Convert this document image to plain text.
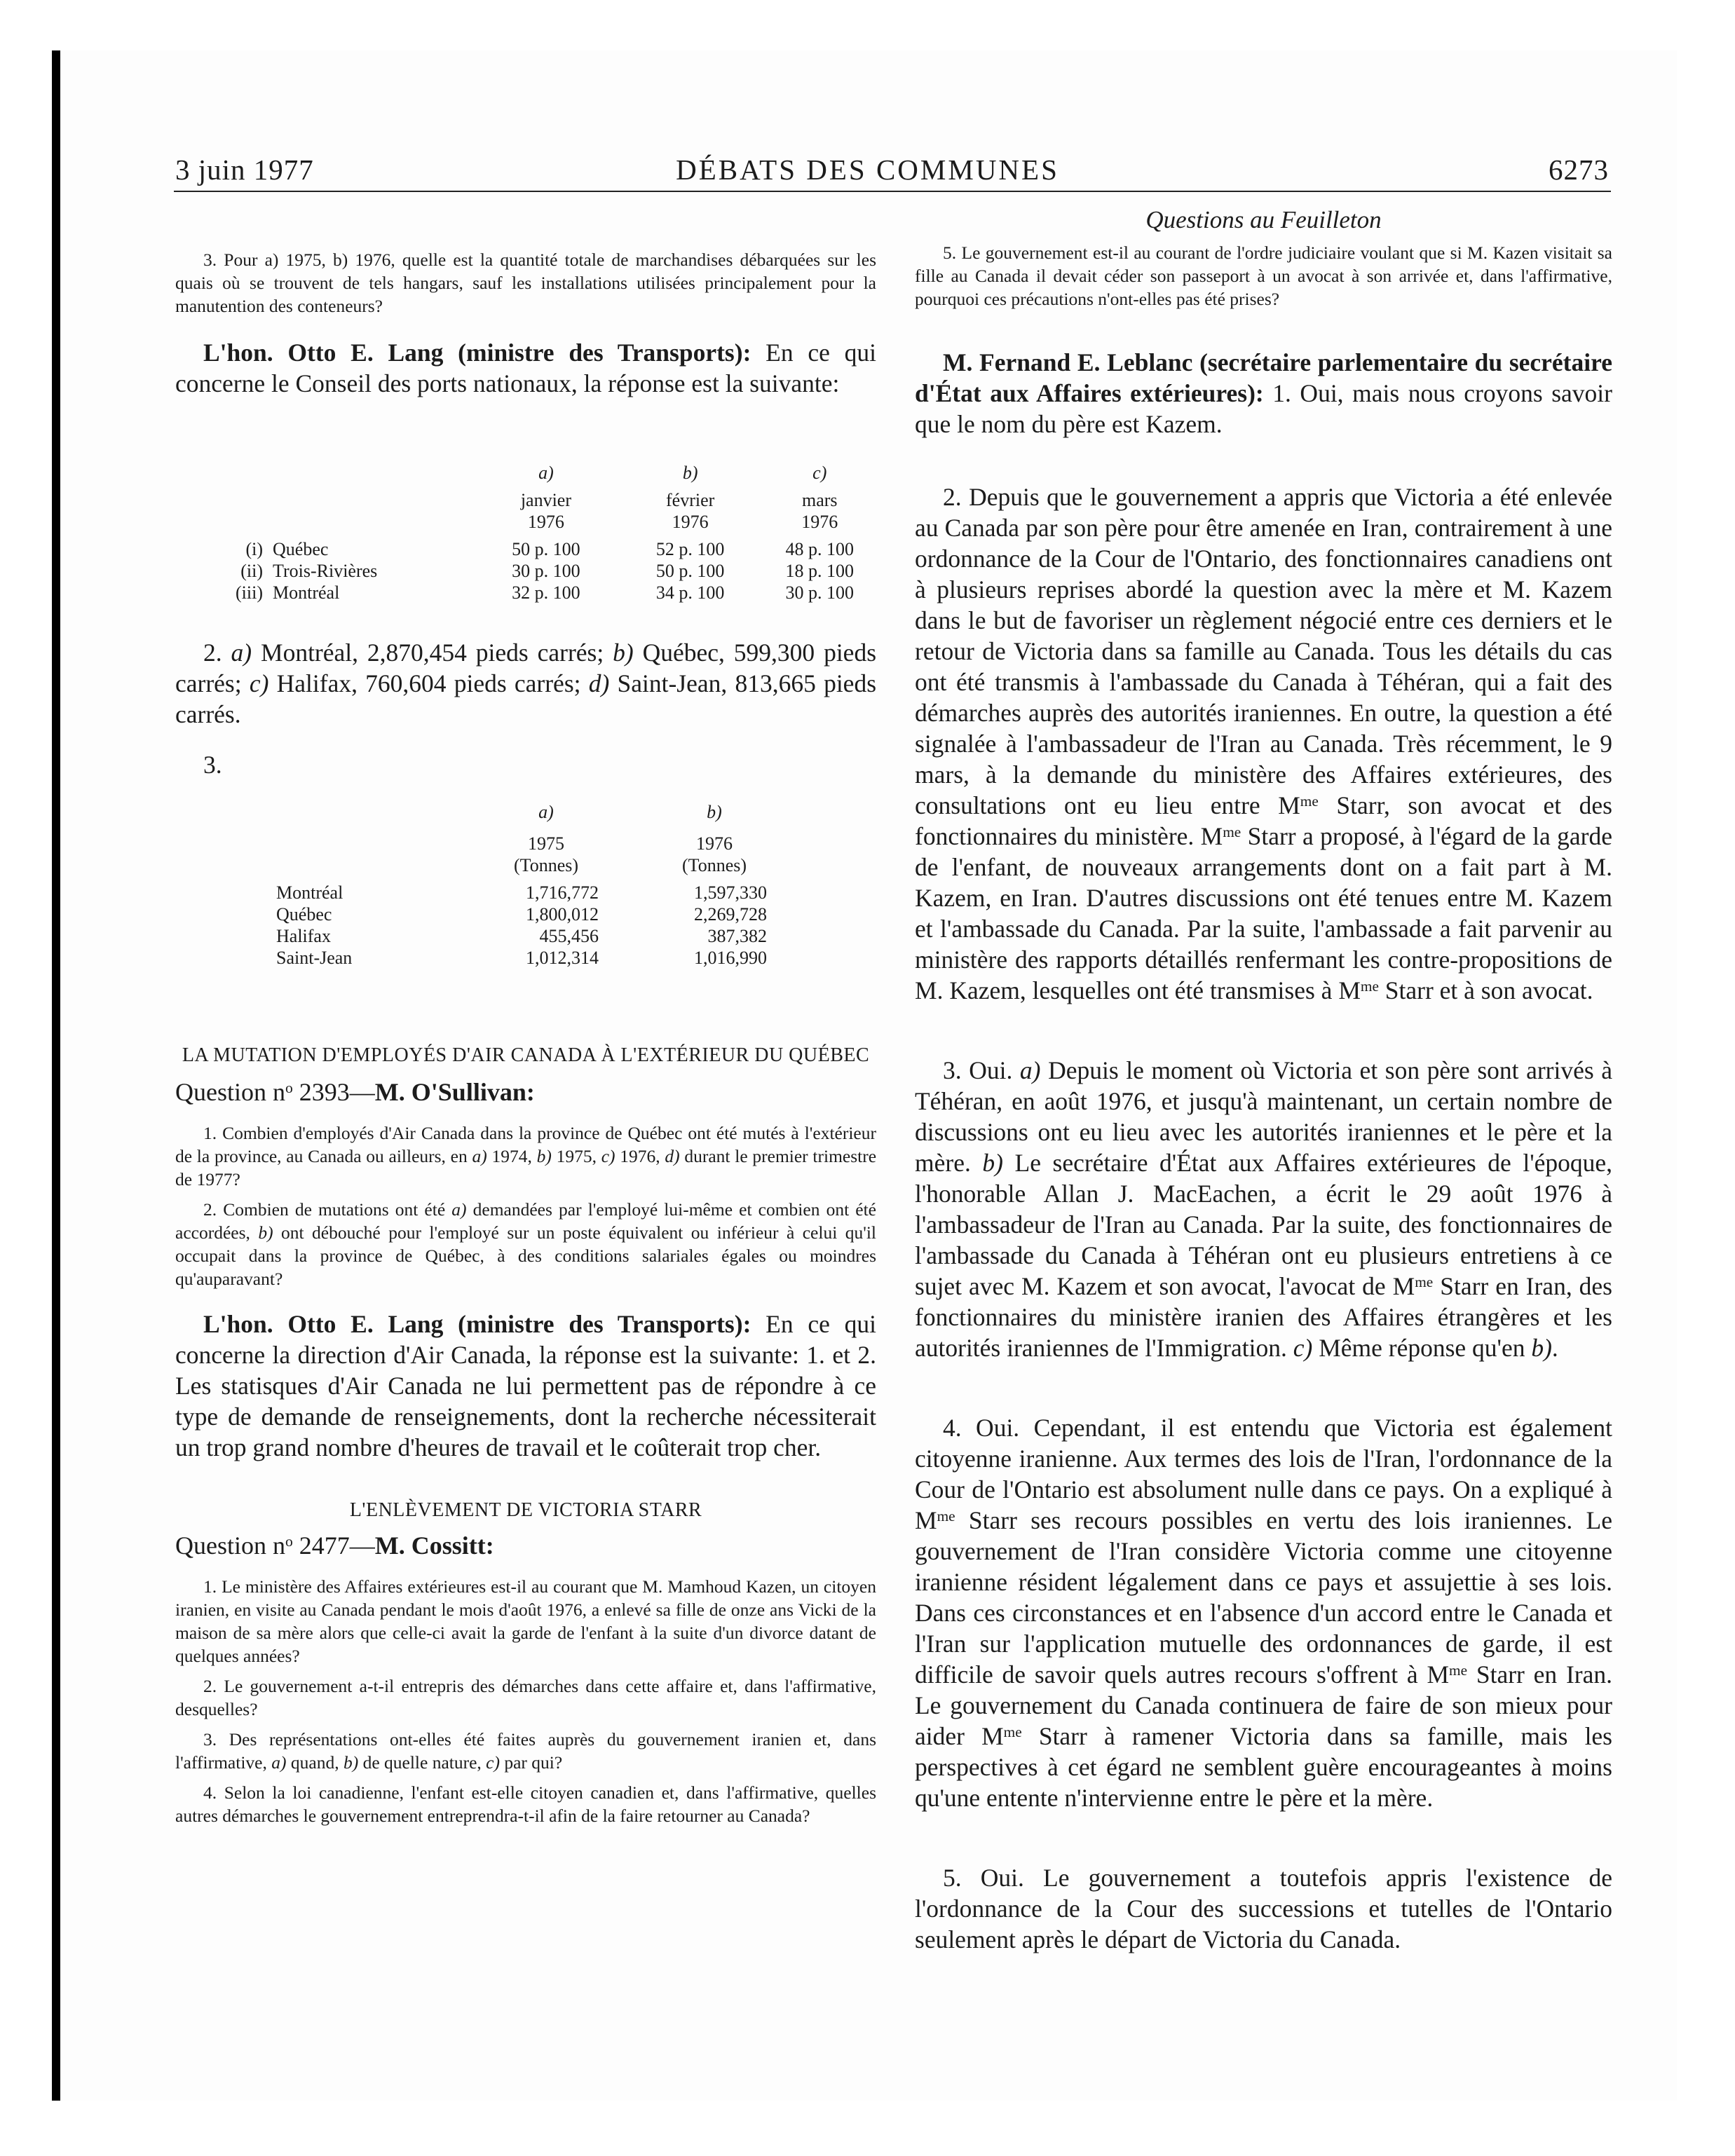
DÉBATS DES COMMUNES
3 juin 1977	6273

3. Pour a) 1975, b) 1976, quelle est la quantité totale de marchandises débarquées sur les quais où se trouvent de tels hangars, sauf les installations utilisées principalement pour la manutention des conteneurs?

L'hon. Otto E. Lang (ministre des Transports): En ce qui concerne le Conseil des ports nationaux, la réponse est la suivante:

		a)	b)	c)

		janvier	février	mars
		1976	1976	1976

(i)	Québec	50 p. 100	52 p. 100	48 p. 100
(ii)	Trois-Rivières	30 p. 100	50 p. 100	18 p. 100
(iii)	Montréal	32 p. 100	34 p. 100	30 p. 100

2. a) Montréal, 2,870,454 pieds carrés; b) Québec, 599,300 pieds carrés; c) Halifax, 760,604 pieds carrés; d) Saint-Jean, 813,665 pieds carrés.

3.

	a)		b)

	1975		1976
	(Tonnes)		(Tonnes)

Montréal	1,716,772		1,597,330
Québec	1,800,012		2,269,728
Halifax	455,456		387,382
Saint-Jean	1,012,314		1,016,990

LA MUTATION D'EMPLOYÉS D'AIR CANADA À L'EXTÉRIEUR DU QUÉBEC

Question $n^o$ 2393—M. O'Sullivan:

1. Combien d'employés d'Air Canada dans la province de Québec ont été mutés à l'extérieur de la province, au Canada ou ailleurs, en a) 1974, b) 1975, c) 1976, d) durant le premier trimestre de 1977?

2. Combien de mutations ont été a) demandées par l'employé lui-même et combien ont été accordées, b) ont débouché pour l'employé sur un poste équivalent ou inférieur à celui qu'il occupait dans la province de Québec, à des conditions salariales égales ou moindres qu'auparavant?

L'hon. Otto E. Lang (ministre des Transports): En ce qui concerne la direction d'Air Canada, la réponse est la suivante: 1. et 2. Les statisques d'Air Canada ne lui permettent pas de répondre à ce type de demande de renseignements, dont la recherche nécessiterait un trop grand nombre d'heures de travail et le coûterait trop cher.

L'ENLÈVEMENT DE VICTORIA STARR

Question $n^o$ 2477—M. Cossitt:

1. Le ministère des Affaires extérieures est-il au courant que M. Mamhoud Kazen, un citoyen iranien, en visite au Canada pendant le mois d'août 1976, a enlevé sa fille de onze ans Vicki de la maison de sa mère alors que celle-ci avait la garde de l'enfant à la suite d'un divorce datant de quelques années?

2. Le gouvernement a-t-il entrepris des démarches dans cette affaire et, dans l'affirmative, desquelles?

3. Des représentations ont-elles été faites auprès du gouvernement iranien et, dans l'affirmative, a) quand, b) de quelle nature, c) par qui?

4. Selon la loi canadienne, l'enfant est-elle citoyen canadien et, dans l'affirmative, quelles autres démarches le gouvernement entreprendra-t-il afin de la faire retourner au Canada?

Questions au Feuilleton

5. Le gouvernement est-il au courant de l'ordre judiciaire voulant que si M. Kazen visitait sa fille au Canada il devait céder son passeport à un avocat à son arrivée et, dans l'affirmative, pourquoi ces précautions n'ont-elles pas été prises?

M. Fernand E. Leblanc (secrétaire parlementaire du secrétaire d'État aux Affaires extérieures): 1. Oui, mais nous croyons savoir que le nom du père est Kazem.

2. Depuis que le gouvernement a appris que Victoria a été enlevée au Canada par son père pour être amenée en Iran, contrairement à une ordonnance de la Cour de l'Ontario, des fonctionnaires canadiens ont à plusieurs reprises abordé la question avec la mère et M. Kazem dans le but de favoriser un règlement négocié entre ces derniers et le retour de Victoria dans sa famille au Canada. Tous les détails du cas ont été transmis à l'ambassade du Canada à Téhéran, qui a fait des démarches auprès des autorités iraniennes. En outre, la question a été signalée à l'ambassadeur de l'Iran au Canada. Très récemment, le 9 mars, à la demande du ministère des Affaires extérieures, des consultations ont eu lieu entre $M^{me}$ Starr, son avocat et des fonctionnaires du ministère. $M^{me}$ Starr a proposé, à l'égard de la garde de l'enfant, de nouveaux arrangements dont on a fait part à M. Kazem, en Iran. D'autres discussions ont été tenues entre M. Kazem et l'ambassade du Canada. Par la suite, l'ambassade a fait parvenir au ministère des rapports détaillés renfermant les contre-propositions de M. Kazem, lesquelles ont été transmises à $M^{me}$ Starr et à son avocat.

3. Oui. a) Depuis le moment où Victoria et son père sont arrivés à Téhéran, en août 1976, et jusqu'à maintenant, un certain nombre de discussions ont eu lieu avec les autorités iraniennes et le père et la mère. b) Le secrétaire d'État aux Affaires extérieures de l'époque, l'honorable Allan J. MacEachen, a écrit le 29 août 1976 à l'ambassadeur de l'Iran au Canada. Par la suite, des fonctionnaires de l'ambassade du Canada à Téhéran ont eu plusieurs entretiens à ce sujet avec M. Kazem et son avocat, l'avocat de $M^{me}$ Starr en Iran, des fonctionnaires du ministère iranien des Affaires étrangères et les autorités iraniennes de l'Immigration. c) Même réponse qu'en b).

4. Oui. Cependant, il est entendu que Victoria est également citoyenne iranienne. Aux termes des lois de l'Iran, l'ordonnance de la Cour de l'Ontario est absolument nulle dans ce pays. On a expliqué à $M^{me}$ Starr ses recours possibles en vertu des lois iraniennes. Le gouvernement de l'Iran considère Victoria comme une citoyenne iranienne résident légalement dans ce pays et assujettie à ses lois. Dans ces circonstances et en l'absence d'un accord entre le Canada et l'Iran sur l'application mutuelle des ordonnances de garde, il est difficile de savoir quels autres recours s'offrent à $M^{me}$ Starr en Iran. Le gouvernement du Canada continuera de faire de son mieux pour aider $M^{me}$ Starr à ramener Victoria dans sa famille, mais les perspectives à cet égard ne semblent guère encourageantes à moins qu'une entente n'intervienne entre le père et la mère.

5. Oui. Le gouvernement a toutefois appris l'existence de l'ordonnance de la Cour des successions et tutelles de l'Ontario seulement après le départ de Victoria du Canada.
